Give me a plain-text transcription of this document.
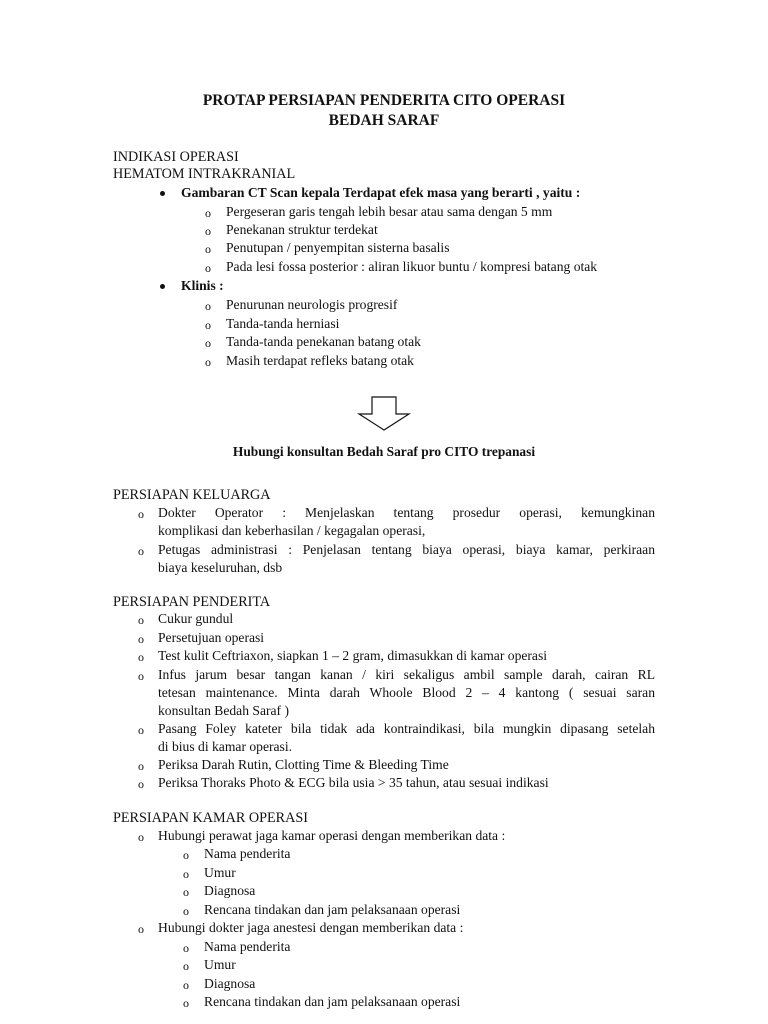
PROTAP PERSIAPAN PENDERITA CITO OPERASI
BEDAH SARAF
INDIKASI OPERASI
HEMATOM INTRAKRANIAL
Gambaran CT Scan kepala Terdapat efek masa yang berarti , yaitu :
o Pergeseran garis tengah lebih besar atau sama dengan 5 mm
o Penekanan struktur terdekat
o Penutupan / penyempitan sisterna basalis
o Pada lesi fossa posterior : aliran likuor buntu / kompresi batang otak
Klinis :
o Penurunan neurologis progresif
o Tanda-tanda herniasi
o Tanda-tanda penekanan batang otak
o Masih terdapat refleks batang otak
Hubungi konsultan Bedah Saraf pro CITO trepanasi
PERSIAPAN KELUARGA
o Dokter Operator : Menjelaskan tentang prosedur operasi, kemungkinan
komplikasi dan keberhasilan / kegagalan operasi,
o Petugas administrasi : Penjelasan tentang biaya operasi, biaya kamar, perkiraan
biaya keseluruhan, dsb
PERSIAPAN PENDERITA
o Cukur gundul
o Persetujuan operasi
o Test kulit Ceftriaxon, siapkan 1 – 2 gram, dimasukkan di kamar operasi
o Infus jarum besar tangan kanan / kiri sekaligus ambil sample darah, cairan RL
tetesan maintenance. Minta darah Whoole Blood 2 – 4 kantong ( sesuai saran
konsultan Bedah Saraf )
o Pasang Foley kateter bila tidak ada kontraindikasi, bila mungkin dipasang setelah
di bius di kamar operasi.
o Periksa Darah Rutin, Clotting Time & Bleeding Time
o Periksa Thoraks Photo & ECG bila usia > 35 tahun, atau sesuai indikasi
PERSIAPAN KAMAR OPERASI
o Hubungi perawat jaga kamar operasi dengan memberikan data :
o Nama penderita
o Umur
o Diagnosa
o Rencana tindakan dan jam pelaksanaan operasi
o Hubungi dokter jaga anestesi dengan memberikan data :
o Nama penderita
o Umur
o Diagnosa
o Rencana tindakan dan jam pelaksanaan operasi
